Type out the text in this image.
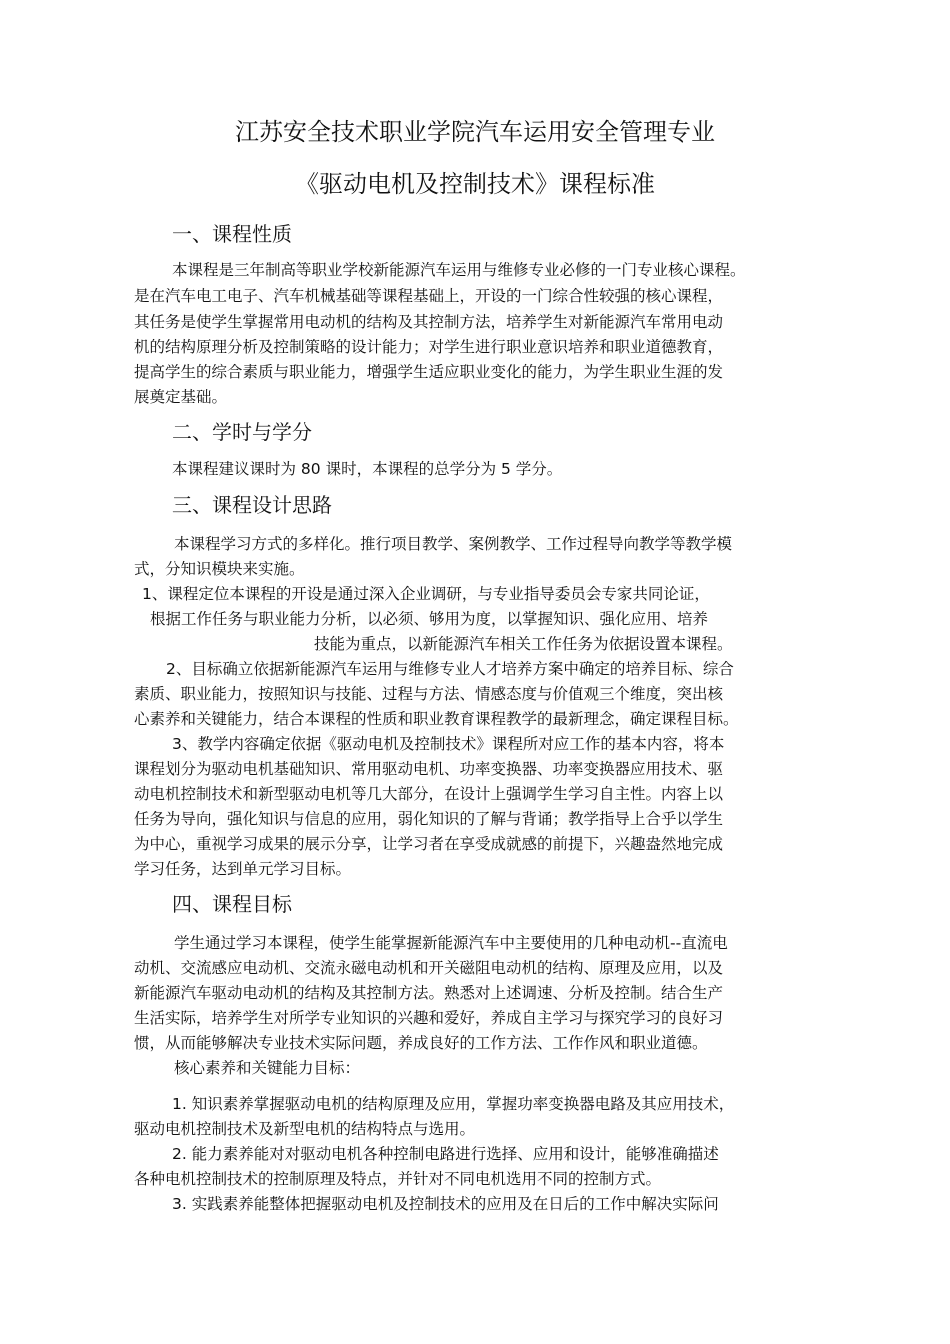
江苏安全技术职业学院汽车运用安全管理专业
《驱动电机及控制技术》课程标准
一、课程性质
本课程是三年制高等职业学校新能源汽车运用与维修专业必修的一门专业核心课程。
是在汽车电工电子、汽车机械基础等课程基础上，开设的一门综合性较强的核心课程，
其任务是使学生掌握常用电动机的结构及其控制方法，培养学生对新能源汽车常用电动
机的结构原理分析及控制策略的设计能力；对学生进行职业意识培养和职业道德教育，
提高学生的综合素质与职业能力，增强学生适应职业变化的能力，为学生职业生涯的发
展奠定基础。
二、学时与学分
本课程建议课时为 80 课时，本课程的总学分为 5 学分。
三、课程设计思路
本课程学习方式的多样化。推行项目教学、案例教学、工作过程导向教学等教学模
式，分知识模块来实施。
1、课程定位本课程的开设是通过深入企业调研，与专业指导委员会专家共同论证，
根据工作任务与职业能力分析，以必须、够用为度，以掌握知识、强化应用、培养
技能为重点，以新能源汽车相关工作任务为依据设置本课程。
2、目标确立依据新能源汽车运用与维修专业人才培养方案中确定的培养目标、综合
素质、职业能力，按照知识与技能、过程与方法、情感态度与价值观三个维度，突出核
心素养和关键能力，结合本课程的性质和职业教育课程教学的最新理念，确定课程目标。
3、教学内容确定依据《驱动电机及控制技术》课程所对应工作的基本内容，将本
课程划分为驱动电机基础知识、常用驱动电机、功率变换器、功率变换器应用技术、驱
动电机控制技术和新型驱动电机等几大部分，在设计上强调学生学习自主性。内容上以
任务为导向，强化知识与信息的应用，弱化知识的了解与背诵；教学指导上合乎以学生
为中心，重视学习成果的展示分享，让学习者在享受成就感的前提下，兴趣盎然地完成
学习任务，达到单元学习目标。
四、课程目标
学生通过学习本课程，使学生能掌握新能源汽车中主要使用的几种电动机--直流电
动机、交流感应电动机、交流永磁电动机和开关磁阻电动机的结构、原理及应用，以及
新能源汽车驱动电动机的结构及其控制方法。熟悉对上述调速、分析及控制。结合生产
生活实际，培养学生对所学专业知识的兴趣和爱好，养成自主学习与探究学习的良好习
惯，从而能够解决专业技术实际问题，养成良好的工作方法、工作作风和职业道德。
核心素养和关键能力目标：
1. 知识素养掌握驱动电机的结构原理及应用，掌握功率变换器电路及其应用技术，
驱动电机控制技术及新型电机的结构特点与选用。
2. 能力素养能对对驱动电机各种控制电路进行选择、应用和设计，能够准确描述
各种电机控制技术的控制原理及特点，并针对不同电机选用不同的控制方式。
3. 实践素养能整体把握驱动电机及控制技术的应用及在日后的工作中解决实际问
